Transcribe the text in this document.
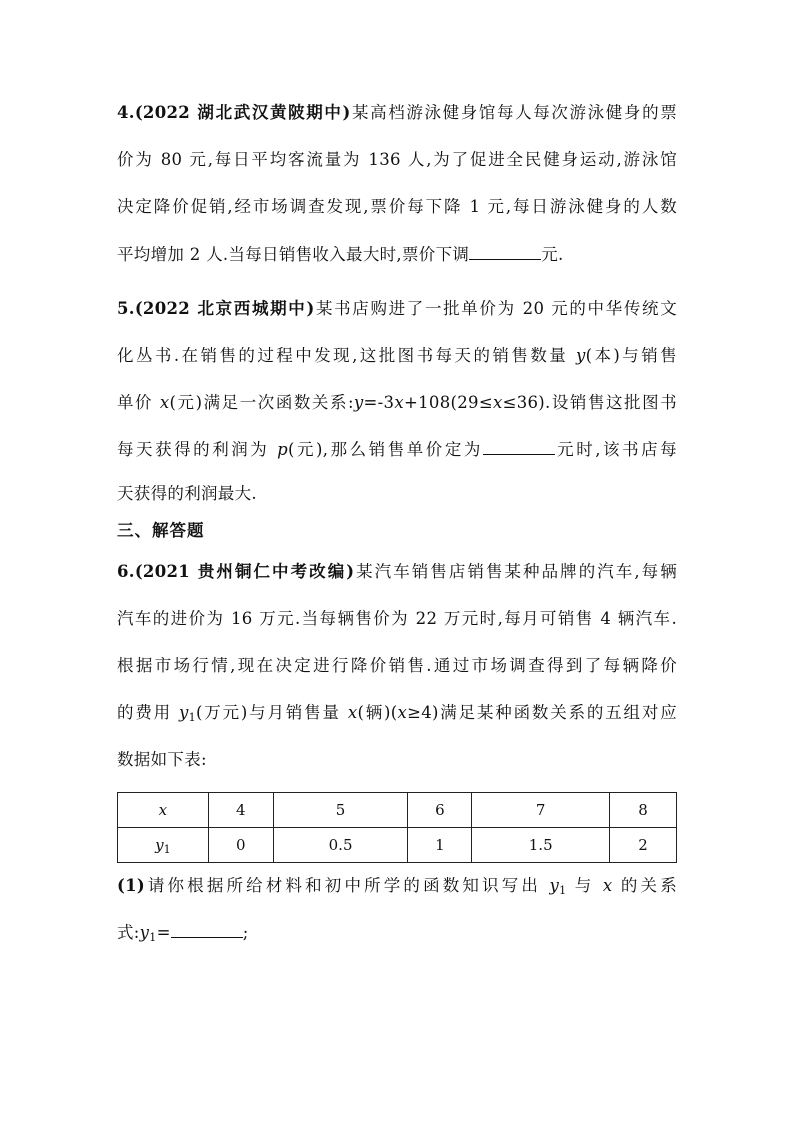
4.(2022 湖北武汉黄陂期中)某高档游泳健身馆每人每次游泳健身的票
价为 80 元,每日平均客流量为 136 人,为了促进全民健身运动,游泳馆
决定降价促销,经市场调查发现,票价每下降 1 元,每日游泳健身的人数
平均增加 2 人.当每日销售收入最大时,票价下调	元.
5.(2022 北京西城期中)某书店购进了一批单价为 20 元的中华传统文
化丛书.在销售的过程中发现,这批图书每天的销售数量 y(本)与销售
单价 x(元)满足一次函数关系:y=-3x+108(29≤x≤36).设销售这批图书
每天获得的利润为 p(元),那么销售单价定为	元时,该书店每
天获得的利润最大.
三、解答题
6.(2021 贵州铜仁中考改编)某汽车销售店销售某种品牌的汽车,每辆
汽车的进价为 16 万元.当每辆售价为 22 万元时,每月可销售 4 辆汽车.
根据市场行情,现在决定进行降价销售.通过市场调查得到了每辆降价
的费用 $y_1$(万元)与月销售量 x(辆)(x≥4)满足某种函数关系的五组对应
数据如下表:
x	4	5	6	7	8
$y_1$	0	0.5	1	1.5	2
(1)请你根据所给材料和初中所学的函数知识写出 $y_1$ 与 x 的关系
式$:y_1=$	;
